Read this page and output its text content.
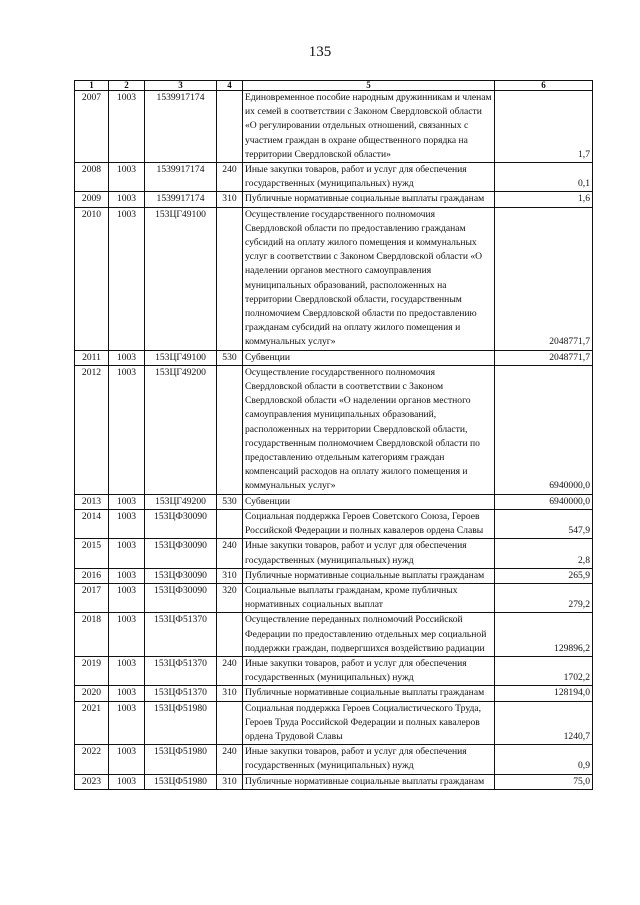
135
1	2	3	4	5	6
2007	1003	1539917174		Единовременное пособие народным дружинникам и членам их семей в соответствии с Законом Свердловской области «О регулировании отдельных отношений, связанных с участием граждан в охране общественного порядка на территории Свердловской области»	1,7
2008	1003	1539917174	240	Иные закупки товаров, работ и услуг для обеспечения государственных (муниципальных) нужд	0,1
2009	1003	1539917174	310	Публичные нормативные социальные выплаты гражданам	1,6
2010	1003	153ЦГ49100		Осуществление государственного полномочия Свердловской области по предоставлению гражданам субсидий на оплату жилого помещения и коммунальных услуг в соответствии с Законом Свердловской области «О наделении органов местного самоуправления муниципальных образований, расположенных на территории Свердловской области, государственным полномочием Свердловской области по предоставлению гражданам субсидий на оплату жилого помещения и коммунальных услуг»	2048771,7
2011	1003	153ЦГ49100	530	Субвенции	2048771,7
2012	1003	153ЦГ49200		Осуществление государственного полномочия Свердловской области в соответствии с Законом Свердловской области «О наделении органов местного самоуправления муниципальных образований, расположенных на территории Свердловской области, государственным полномочием Свердловской области по предоставлению отдельным категориям граждан компенсаций расходов на оплату жилого помещения и коммунальных услуг»	6940000,0
2013	1003	153ЦГ49200	530	Субвенции	6940000,0
2014	1003	153ЦФ30090		Социальная поддержка Героев Советского Союза, Героев Российской Федерации и полных кавалеров ордена Славы	547,9
2015	1003	153ЦФ30090	240	Иные закупки товаров, работ и услуг для обеспечения государственных (муниципальных) нужд	2,8
2016	1003	153ЦФ30090	310	Публичные нормативные социальные выплаты гражданам	265,9
2017	1003	153ЦФ30090	320	Социальные выплаты гражданам, кроме публичных нормативных социальных выплат	279,2
2018	1003	153ЦФ51370		Осуществление переданных полномочий Российской Федерации по предоставлению отдельных мер социальной поддержки граждан, подвергшихся воздействию радиации	129896,2
2019	1003	153ЦФ51370	240	Иные закупки товаров, работ и услуг для обеспечения государственных (муниципальных) нужд	1702,2
2020	1003	153ЦФ51370	310	Публичные нормативные социальные выплаты гражданам	128194,0
2021	1003	153ЦФ51980		Социальная поддержка Героев Социалистического Труда, Героев Труда Российской Федерации и полных кавалеров ордена Трудовой Славы	1240,7
2022	1003	153ЦФ51980	240	Иные закупки товаров, работ и услуг для обеспечения государственных (муниципальных) нужд	0,9
2023	1003	153ЦФ51980	310	Публичные нормативные социальные выплаты гражданам	75,0
